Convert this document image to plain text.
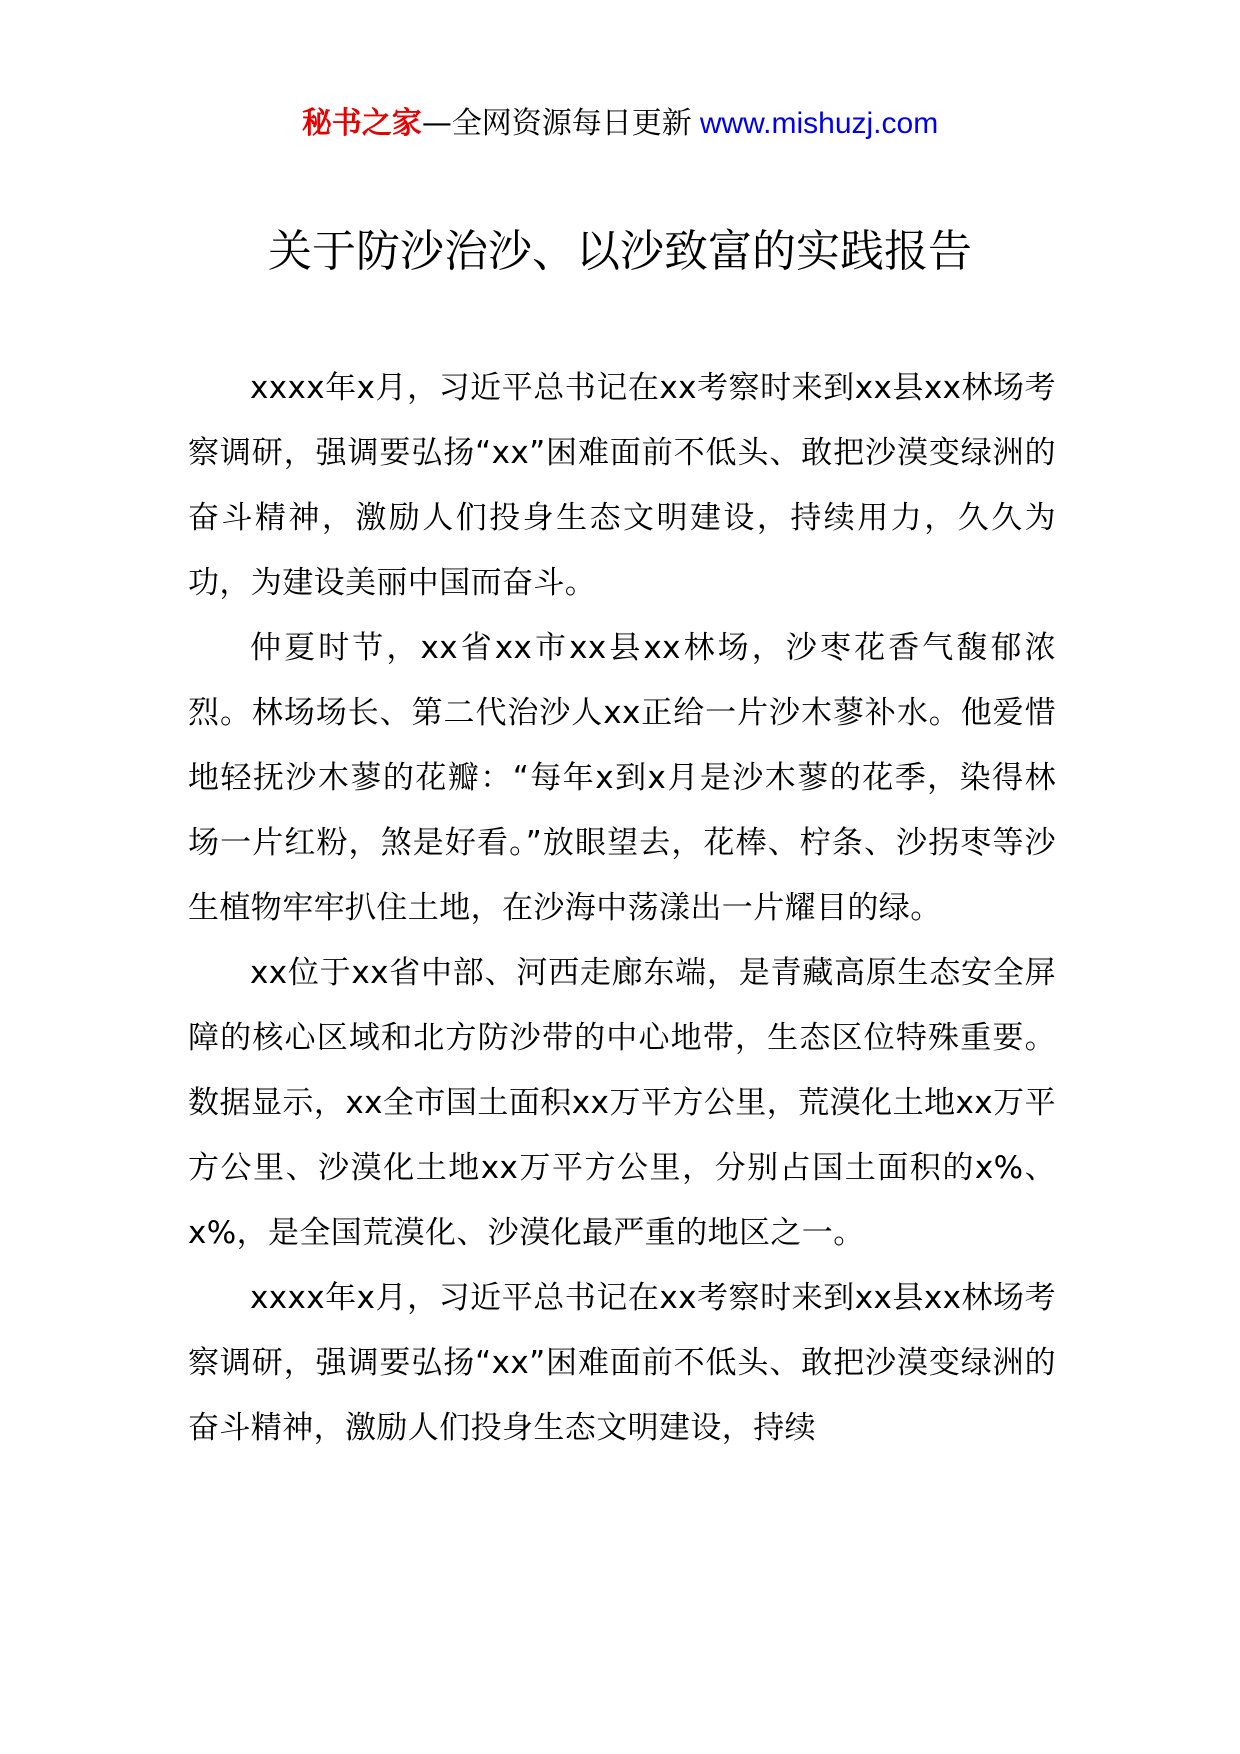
秘书之家—全网资源每日更新 www.mishuzj.com
关于防沙治沙、以沙致富的实践报告

xxxx年x月，习近平总书记在xx考察时来到xx县xx林场考察调研，强调要弘扬“xx”困难面前不低头、敢把沙漠变绿洲的奋斗精神，激励人们投身生态文明建设，持续用力，久久为功，为建设美丽中国而奋斗。

仲夏时节，xx省xx市xx县xx林场，沙枣花香气馥郁浓烈。林场场长、第二代治沙人xx正给一片沙木蓼补水。他爱惜地轻抚沙木蓼的花瓣：“每年x到x月是沙木蓼的花季，染得林场一片红粉，煞是好看。”放眼望去，花棒、柠条、沙拐枣等沙生植物牢牢扒住土地，在沙海中荡漾出一片耀目的绿。

xx位于xx省中部、河西走廊东端，是青藏高原生态安全屏障的核心区域和北方防沙带的中心地带，生态区位特殊重要。数据显示，xx全市国土面积xx万平方公里，荒漠化土地xx万平方公里、沙漠化土地xx万平方公里，分别占国土面积的x%、x%，是全国荒漠化、沙漠化最严重的地区之一。

xxxx年x月，习近平总书记在xx考察时来到xx县xx林场考察调研，强调要弘扬“xx”困难面前不低头、敢把沙漠变绿洲的奋斗精神，激励人们投身生态文明建设，持续
